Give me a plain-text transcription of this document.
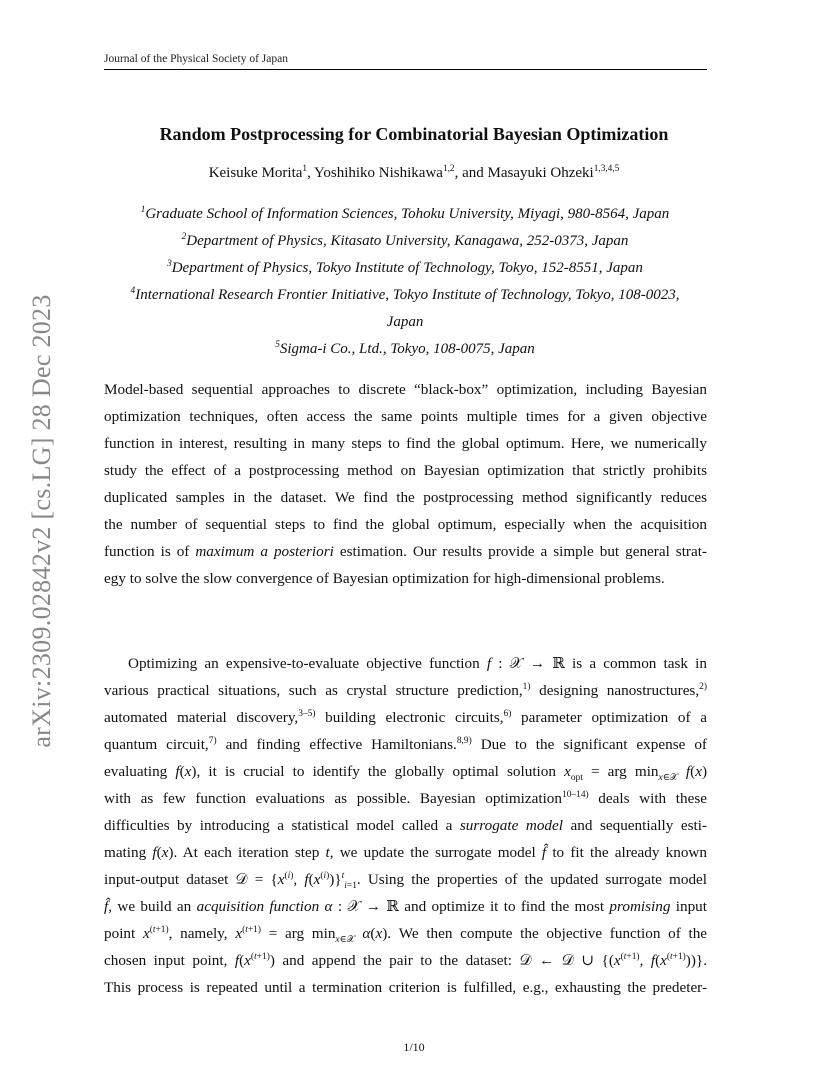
Journal of the Physical Society of Japan
Random Postprocessing for Combinatorial Bayesian Optimization
Keisuke Morita$^1$, Yoshihiko Nishikawa$^{1,2}$, and Masayuki Ohzeki$^{1,3,4,5}$
$^1$Graduate School of Information Sciences, Tohoku University, Miyagi, 980-8564, Japan
$^2$Department of Physics, Kitasato University, Kanagawa, 252-0373, Japan
$^3$Department of Physics, Tokyo Institute of Technology, Tokyo, 152-8551, Japan
$^4$International Research Frontier Initiative, Tokyo Institute of Technology, Tokyo, 108-0023,
Japan
$^5$Sigma-i Co., Ltd., Tokyo, 108-0075, Japan
Model-based sequential approaches to discrete “black-box” optimization, including Bayesian
optimization techniques, often access the same points multiple times for a given objective
function in interest, resulting in many steps to find the global optimum. Here, we numerically
study the effect of a postprocessing method on Bayesian optimization that strictly prohibits
duplicated samples in the dataset. We find the postprocessing method significantly reduces
the number of sequential steps to find the global optimum, especially when the acquisition
function is of maximum a posteriori estimation. Our results provide a simple but general strat-
egy to solve the slow convergence of Bayesian optimization for high-dimensional problems.
Optimizing an expensive-to-evaluate objective function f : 𝒳 → ℝ is a common task in
various practical situations, such as crystal structure prediction,$^{1)}$ designing nanostructures,$^{2)}$
automated material discovery,$^{3-5)}$ building electronic circuits,$^{6)}$ parameter optimization of a
quantum circuit,$^{7)}$ and finding effective Hamiltonians.$^{8,9)}$ Due to the significant expense of
evaluating f(x), it is crucial to identify the globally optimal solution $x_{opt}$ = arg $\min_{x\in 𝒳} f(x)$
with as few function evaluations as possible. Bayesian optimization$^{10-14)}$ deals with these
difficulties by introducing a statistical model called a surrogate model and sequentially esti-
mating f(x). At each iteration step t, we update the surrogate model f̂ to fit the already known
input-output dataset 𝒟 = {$x^{(i)}$, $f(x^{(i)})\}^t_{i=1}$. Using the properties of the updated surrogate model
f̂, we build an acquisition function α : 𝒳 → ℝ and optimize it to find the most promising input
point $x^{(t+1)}$, namely, $x^{(t+1)}$ = arg $\min_{x\in 𝒳} \alpha(x)$. We then compute the objective function of the
chosen input point, $f(x^{(t+1)})$ and append the pair to the dataset: 𝒟 ← 𝒟 ∪ {($x^{(t+1)}$, $f(x^{(t+1)})$)}.
This process is repeated until a termination criterion is fulfilled, e.g., exhausting the predeter-
arXiv:2309.02842v2 [cs.LG] 28 Dec 2023
1/10
